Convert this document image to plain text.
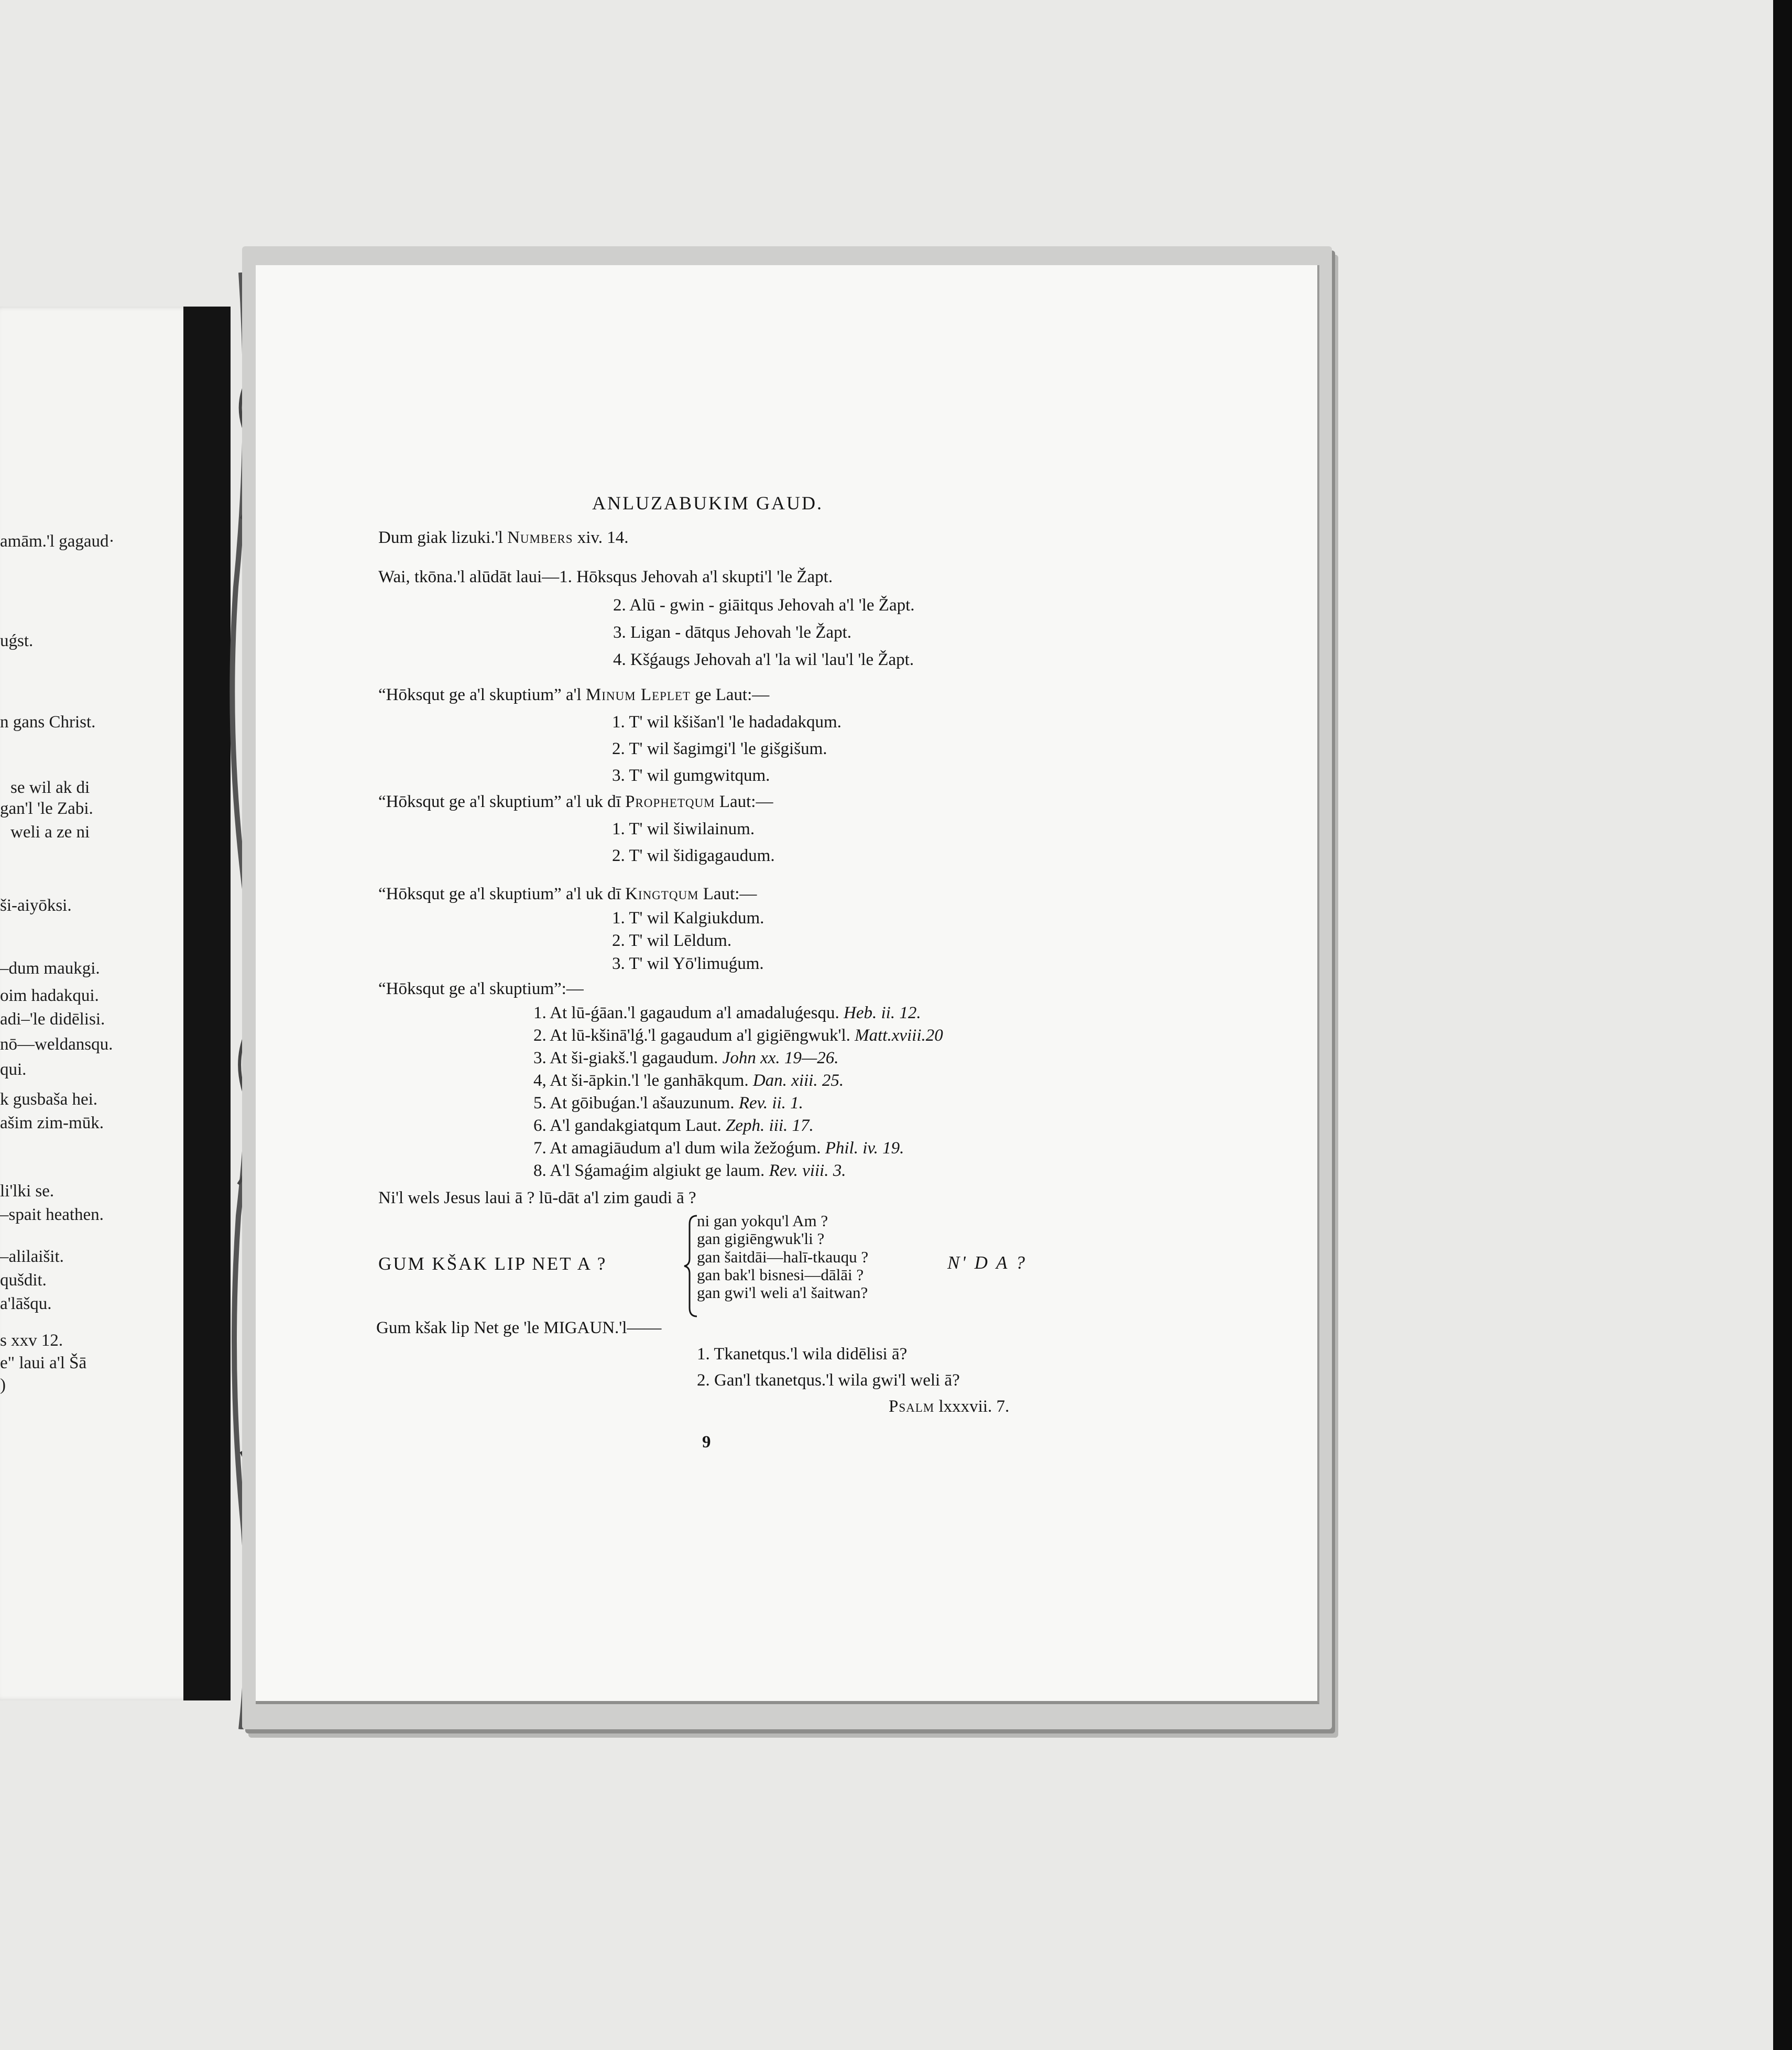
amām.'l gagaud·
uǵst.
n gans Christ.
se wil ak di
gan'l 'le Zabi.
weli a ze ni
ši-aiyōksi.
–dum maukgi.
oim hadakqui.
adi–'le didēlisi.
nō—weldansqu.
qui.
k gusbaša hei.
ašim zim-mūk.
li'lki se.
–spait heathen.
–alilaišit.
qušdit.
a'lāšqu.
s xxv 12.
e" laui a'l Šā
)
ANLUZABUKIM GAUD.
Dum giak lizuki.'l Numbers xiv. 14.
Wai, tkōna.'l alūdāt laui—1. Hōksqus Jehovah a'l skupti'l 'le Žapt.
2. Alū - gwin - giāitqus Jehovah a'l 'le Žapt.
3. Ligan - dātqus Jehovah 'le Žapt.
4. Kšǵaugs Jehovah a'l 'la wil 'lau'l 'le Žapt.
“Hōksqut ge a'l skuptium” a'l Minum Leplet ge Laut:—
1. T' wil kšišan'l 'le hadadakqum.
2. T' wil šagimgi'l 'le gišgišum.
3. T' wil gumgwitqum.
“Hōksqut ge a'l skuptium” a'l uk dī Prophetqum Laut:—
1. T' wil šiwilainum.
2. T' wil šidigagaudum.
“Hōksqut ge a'l skuptium” a'l uk dī Kingtqum Laut:—
1. T' wil Kalgiukdum.
2. T' wil Lēldum.
3. T' wil Yō'limuǵum.
“Hōksqut ge a'l skuptium”:—
1. At lū-ǵāan.'l gagaudum a'l amadaluǵesqu. Heb. ii. 12.
2. At lū-kšinā'lǵ.'l gagaudum a'l gigiēngwuk'l. Matt.xviii.20
3. At ši-giakš.'l gagaudum. John xx. 19—26.
4, At ši-āpkin.'l 'le ganhākqum. Dan. xiii. 25.
5. At gōibuǵan.'l ašauzunum. Rev. ii. 1.
6. A'l gandakgiatqum Laut. Zeph. iii. 17.
7. At amagiāudum a'l dum wila žežoǵum. Phil. iv. 19.
8. A'l Sǵamaǵim algiukt ge laum. Rev. viii. 3.
Ni'l wels Jesus laui ā ? lū-dāt a'l zim gaudi ā ?
GUM KŠAK LIP NET A ?
ni gan yokqu'l Am ?
gan gigiēngwuk'li ?
gan šaitdāi—halī-tkauqu ?
gan bak'l bisnesi—dālāi ?
gan gwi'l weli a'l šaitwan?
N' D A ?
Gum kšak lip Net ge 'le MIGAUN.'l——
1. Tkanetqus.'l wila didēlisi ā?
2. Gan'l tkanetqus.'l wila gwi'l weli ā?
Psalm lxxxvii. 7.
9
